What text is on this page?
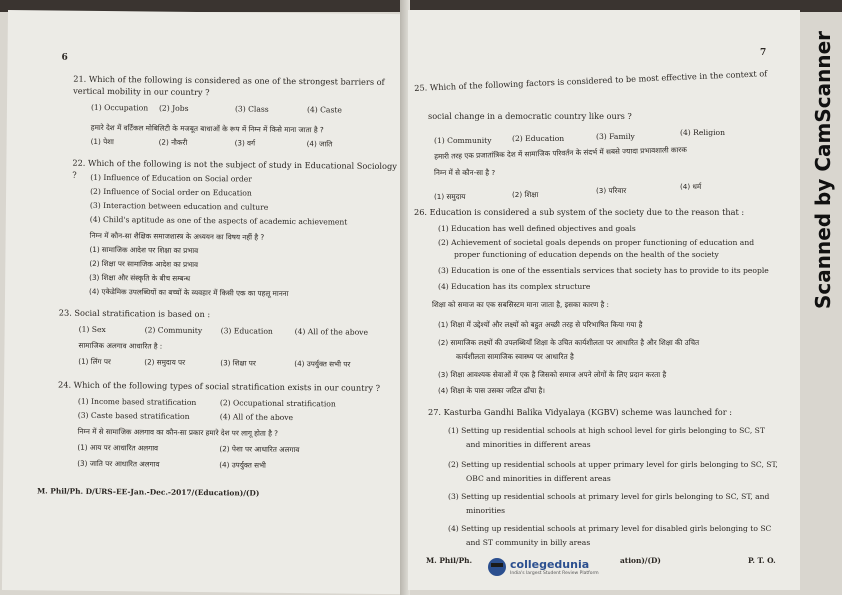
6
21. Which of the following is considered as one of the strongest barriers of vertical mobility in our country ?
(1) Occupation (2) Jobs	(3) Class	(4) Caste
हमारे देश में वर्टिकल मोबिलिटी के मजबूत बाधाओं के रूप में निम्न में किसे माना जाता है ?
(1) पेशा	(2) नौकरी	(3) वर्ग	(4) जाति
22. Which of the following is not the subject of study in Educational Sociology ?	(1) Influence of Education on Social order
(2) Influence of Social order on Education
(3) Interaction between education and culture
(4) Child's aptitude as one of the aspects of academic achievement
निम्न में कौन-सा शैक्षिक समाजशास्त्र के अध्ययन का विषय नहीं है ?
(1) सामाजिक आदेश पर शिक्षा का प्रभाव
(2) शिक्षा पर सामाजिक आदेश का प्रभाव
(3) शिक्षा और संस्कृति के बीच सम्बन्ध
(4) एकेडेमिक उपलब्धियों का बच्चों के व्यवहार में किसी एक का पहलू मानना
23. Social stratification is based on :
(1) Sex	(2) Community (3) Education	(4) All of the above
सामाजिक अलगाव आधारित है :
(1) लिंग पर	(2) समुदाय पर	(3) शिक्षा पर	(4) उपर्युक्त सभी पर
24. Which of the following types of social stratification exists in our country ?
(1) Income based stratification	(2) Occupational stratification
(3) Caste based stratification	(4) All of the above
निम्न में से सामाजिक अलगाव का कौन-सा प्रकार हमारे देश पर लागू होता है ?
(1) आय पर आधारित अलगाव	(2) पेशा पर आधारित अलगाव
(3) जाति पर आधारित अलगाव	(4) उपर्युक्त सभी
M. Phil/Ph. D/URS-EE-Jan.-Dec.-2017/(Education)/(D)
7
25. Which of the following factors is considered to be most effective in the context of
social change in a democratic country like ours ?
(1) Community	(2) Education	(3) Family	(4) Religion
हमारी तरह एक प्रजातांत्रिक देश में सामाजिक परिवर्तन के संदर्भ में सबसे ज्यादा प्रभावशाली कारक
निम्न में से कौन-सा है ?
(1) समुदाय	(2) शिक्षा	(3) परिवार	(4) धर्म
26. Education is considered a sub system of the society due to the reason that :
(1) Education has well defined objectives and goals
(2) Achievement of societal goals depends on proper functioning of education and
proper functioning of education depends on the health of the society
(3) Education is one of the essentials services that society has to provide to its people
(4) Education has its complex structure
शिक्षा को समाज का एक सबसिस्टम माना जाता है, इसका कारण है :
(1) शिक्षा में उद्देश्यों और लक्ष्यों को बहुत अच्छी तरह से परिभाषित किया गया है
(2) सामाजिक लक्ष्यों की उपलब्धियाँ शिक्षा के उचित कार्यशीलता पर आधारित है और शिक्षा की उचित
कार्यशीलता सामाजिक स्वास्थ्य पर आधारित है
(3) शिक्षा आवश्यक सेवाओं में एक है जिसको समाज अपने लोगों के लिए प्रदान करता है
(4) शिक्षा के पास उसका जटिल ढाँचा है।
27. Kasturba Gandhi Balika Vidyalaya (KGBV) scheme was launched for :
(1) Setting up residential schools at high school level for girls belonging to SC, ST
and minorities in different areas
(2) Setting up residential schools at upper primary level for girls belonging to SC, ST,
OBC and minorities in different areas
(3) Setting up residential schools at primary level for girls belonging to SC, ST, and
minorities
(4) Setting up residential schools at primary level for disabled girls belonging to SC
and ST community in billy areas
M. Phil/Ph.	ation)/(D)	P. T. O.
collegedunia
India's largest Student Review Platform
Scanned by CamScanner
